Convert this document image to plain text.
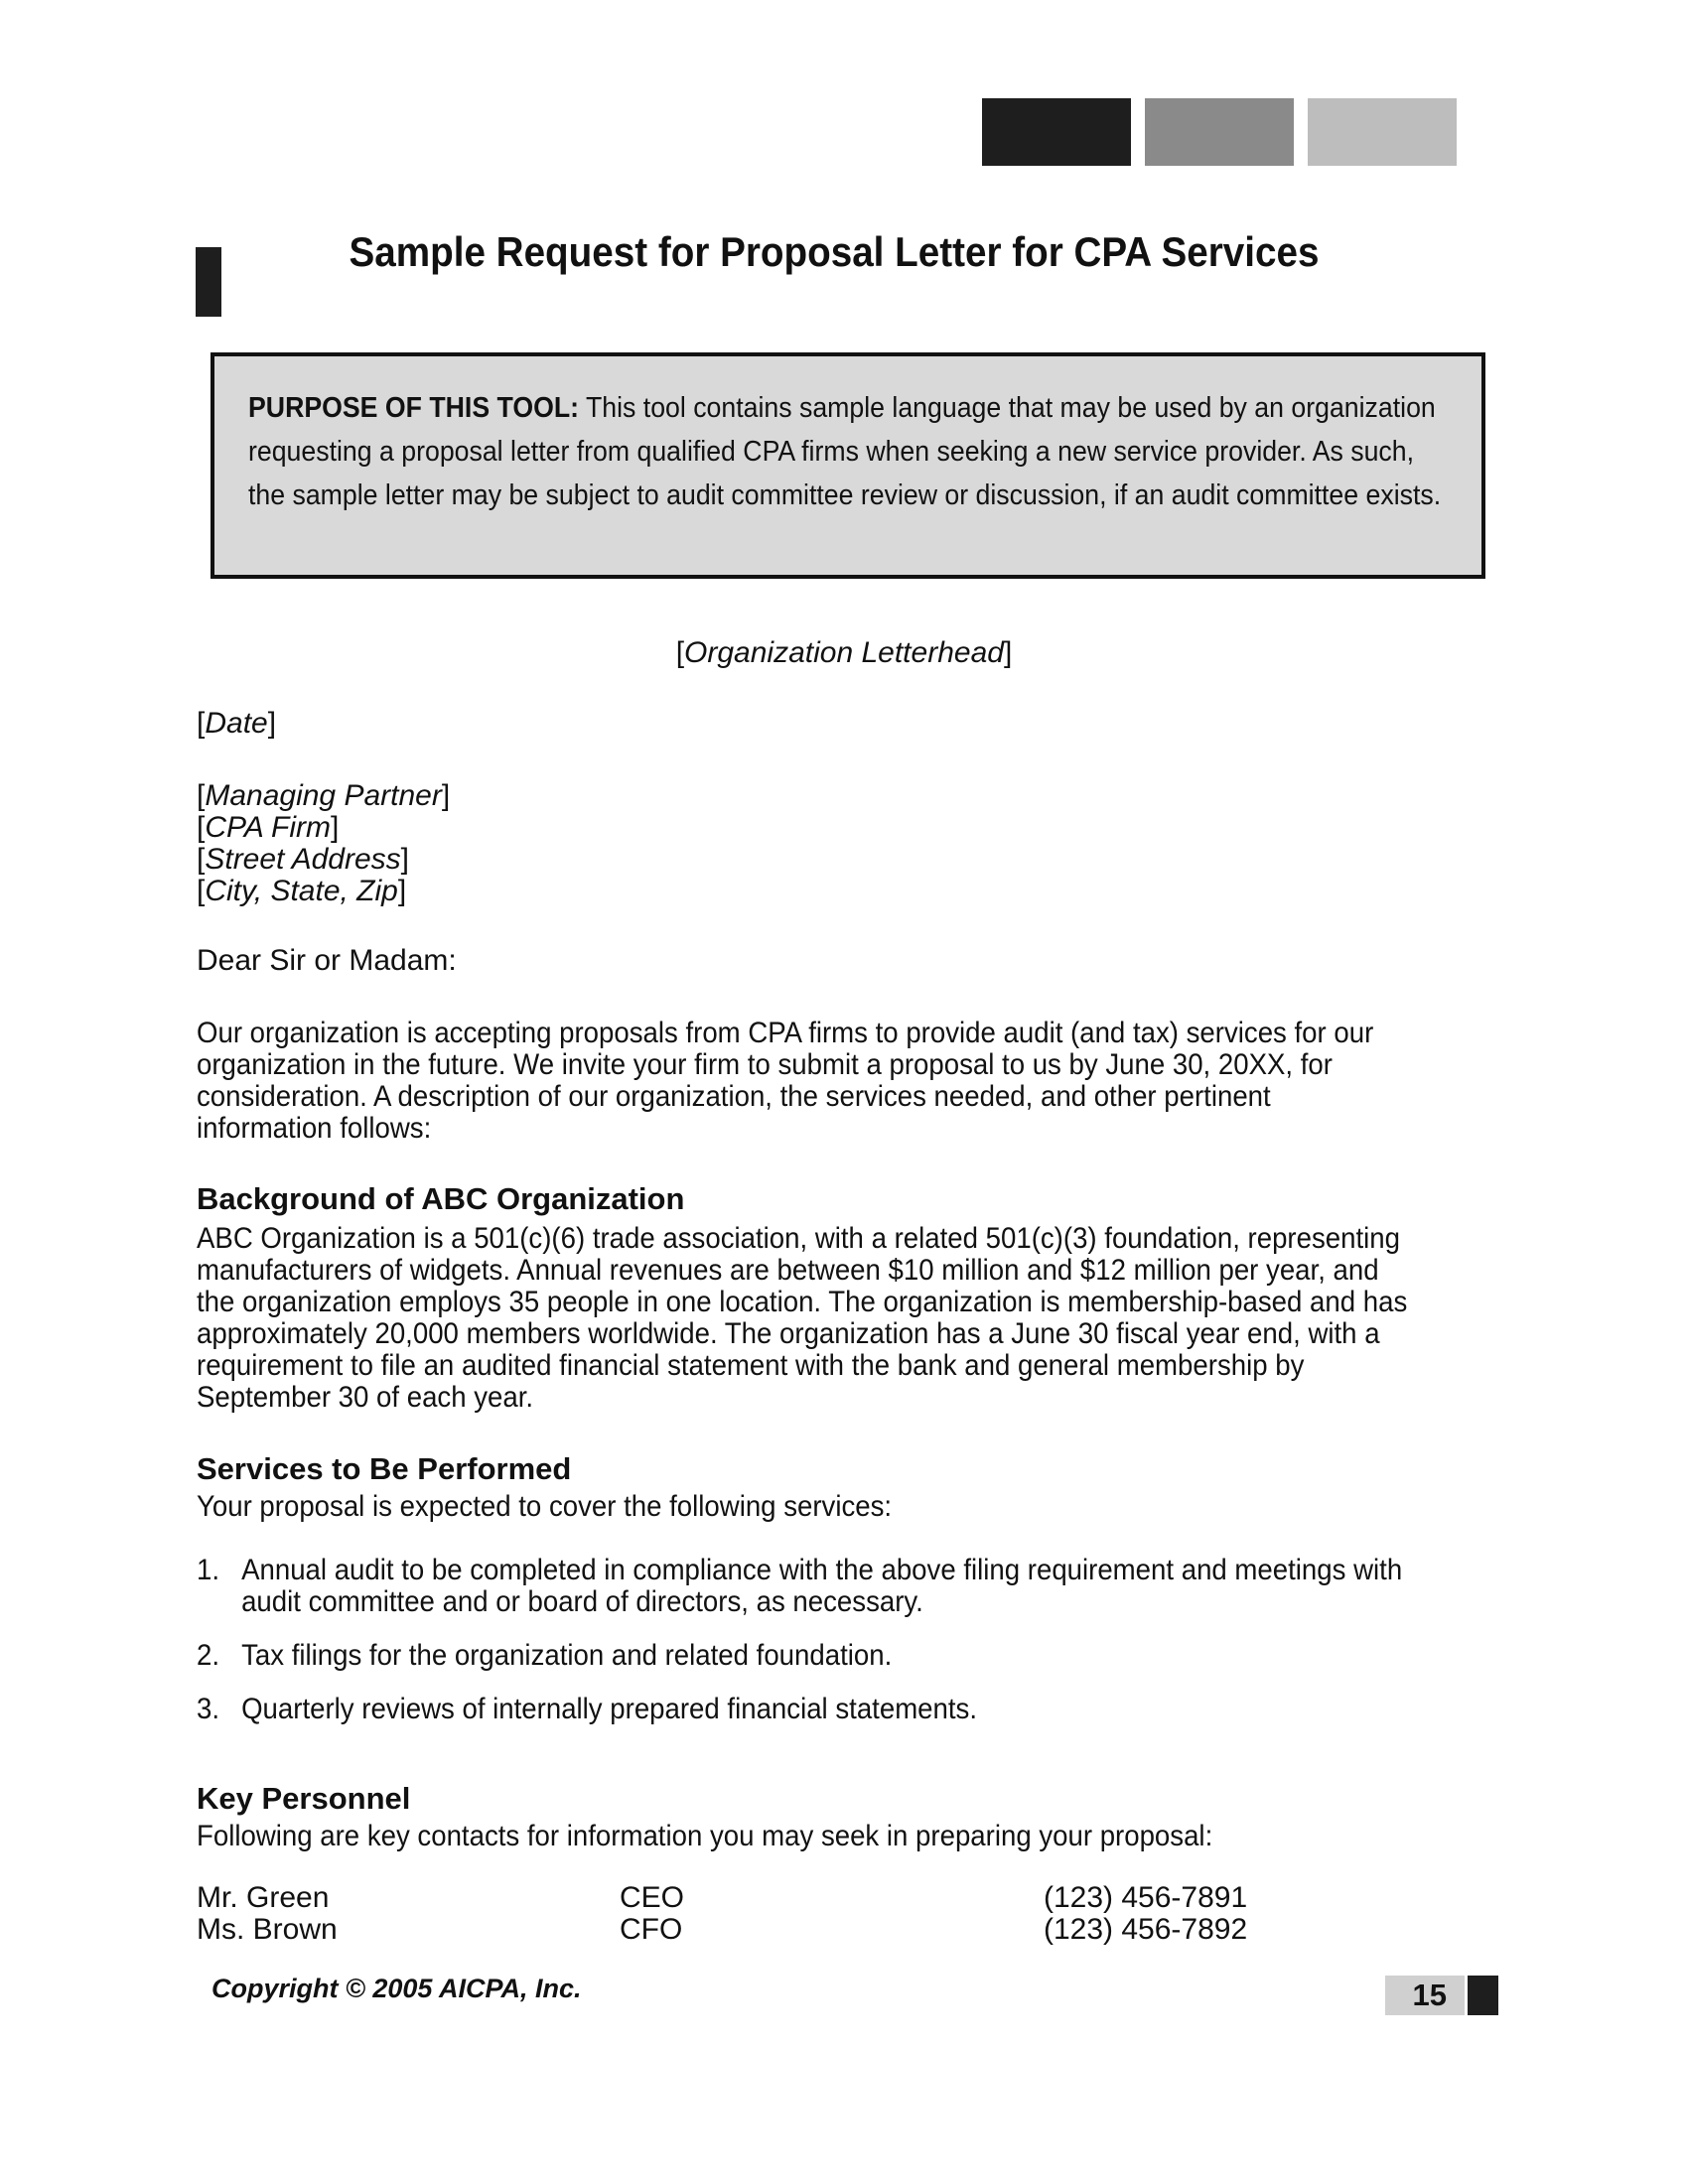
Sample Request for Proposal Letter for CPA Services
PURPOSE OF THIS TOOL: This tool contains sample language that may be used by an organization requesting a proposal letter from qualified CPA firms when seeking a new service provider. As such, the sample letter may be subject to audit committee review or discussion, if an audit committee exists.
[Organization Letterhead]
[Date]
[Managing Partner]
[CPA Firm]
[Street Address]
[City, State, Zip]
Dear Sir or Madam:
Our organization is accepting proposals from CPA firms to provide audit (and tax) services for our organization in the future. We invite your firm to submit a proposal to us by June 30, 20XX, for consideration. A description of our organization, the services needed, and other pertinent information follows:
Background of ABC Organization
ABC Organization is a 501(c)(6) trade association, with a related 501(c)(3) foundation, representing manufacturers of widgets. Annual revenues are between $10 million and $12 million per year, and the organization employs 35 people in one location. The organization is membership-based and has approximately 20,000 members worldwide. The organization has a June 30 fiscal year end, with a requirement to file an audited financial statement with the bank and general membership by September 30 of each year.
Services to Be Performed
Your proposal is expected to cover the following services:
1. Annual audit to be completed in compliance with the above filing requirement and meetings with audit committee and or board of directors, as necessary.
2. Tax filings for the organization and related foundation.
3. Quarterly reviews of internally prepared financial statements.
Key Personnel
Following are key contacts for information you may seek in preparing your proposal:
Mr. Green	CEO	(123) 456-7891
Ms. Brown	CFO	(123) 456-7892
Copyright © 2005 AICPA, Inc.	15
